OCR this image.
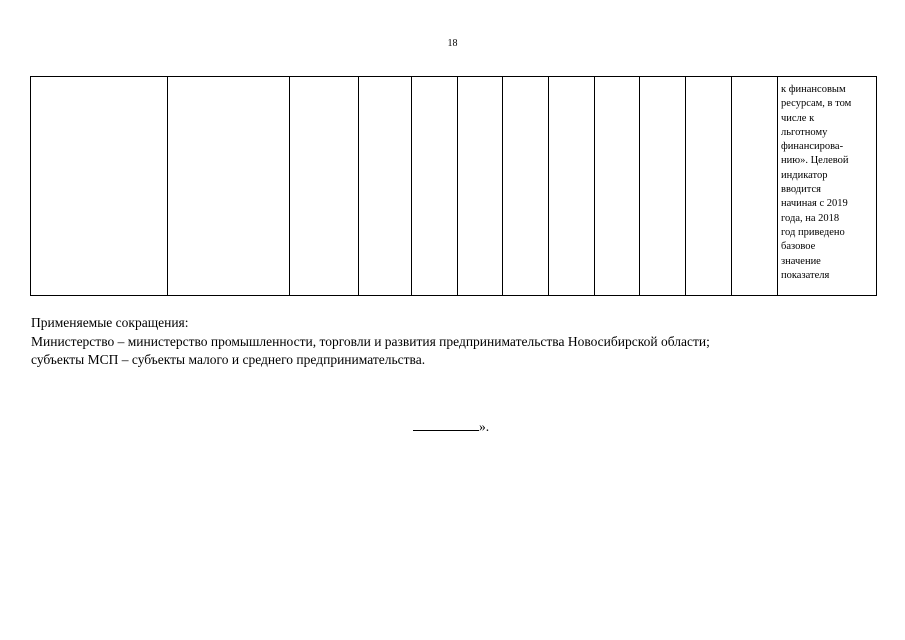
18
												к финансовым
ресурсам, в том
числе к
льготному
финансирова-
нию». Целевой
индикатор
вводится
начиная с 2019
года, на 2018
год приведено
базовое
значение
показателя
Применяемые сокращения:
Министерство – министерство промышленности, торговли и развития предпринимательства Новосибирской области;
субъекты МСП – субъекты малого и среднего предпринимательства.
».
